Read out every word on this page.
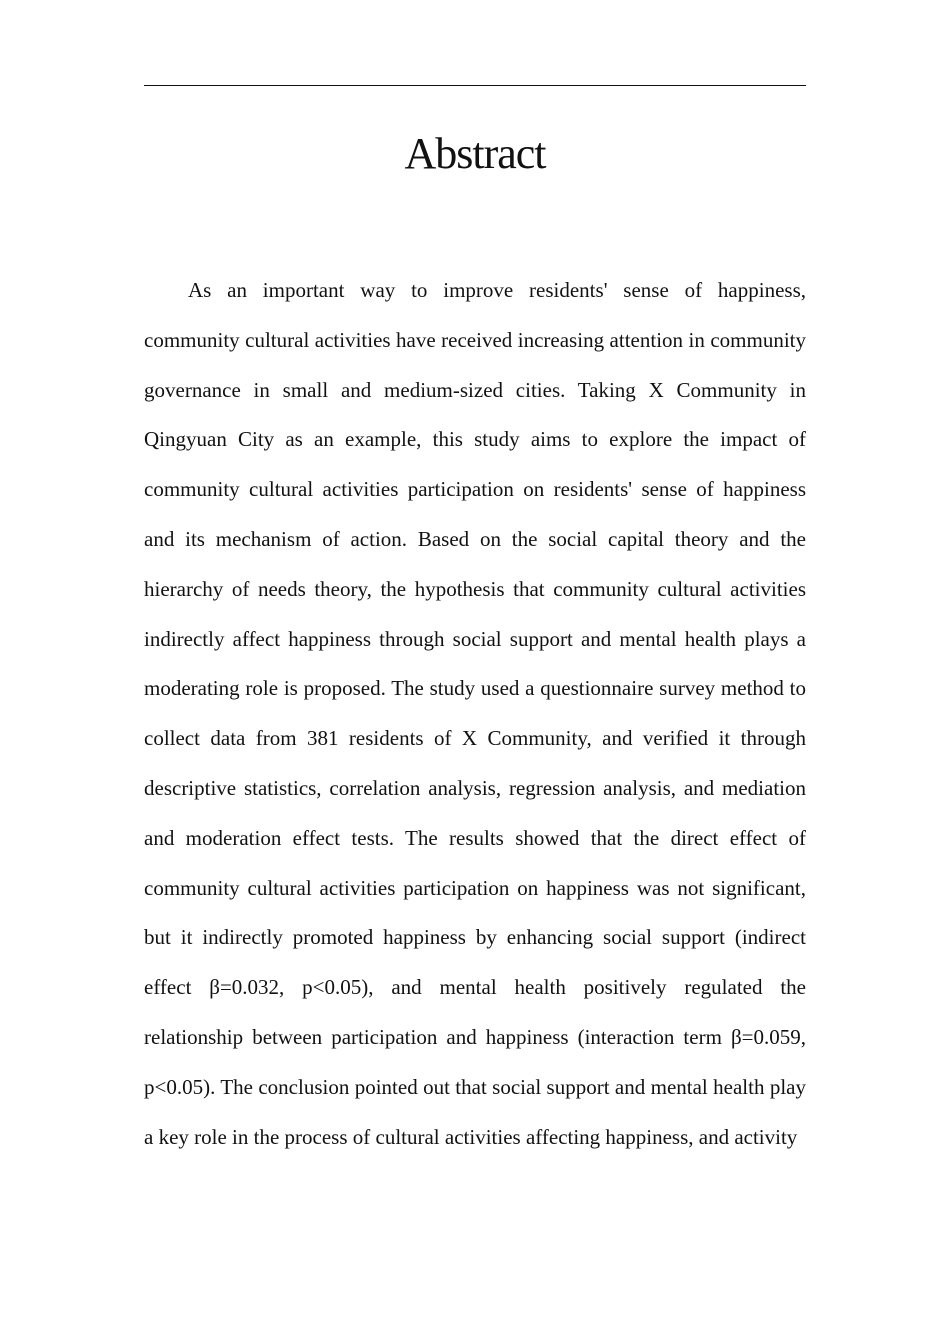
Abstract

As an important way to improve residents' sense of happiness, community cultural activities have received increasing attention in community governance in small and medium-sized cities. Taking X Community in Qingyuan City as an example, this study aims to explore the impact of community cultural activities participation on residents' sense of happiness and its mechanism of action. Based on the social capital theory and the hierarchy of needs theory, the hypothesis that community cultural activities indirectly affect happiness through social support and mental health plays a moderating role is proposed. The study used a questionnaire survey method to collect data from 381 residents of X Community, and verified it through descriptive statistics, correlation analysis, regression analysis, and mediation and moderation effect tests. The results showed that the direct effect of community cultural activities participation on happiness was not significant, but it indirectly promoted happiness by enhancing social support (indirect effect β=0.032, p<0.05), and mental health positively regulated the relationship between participation and happiness (interaction term β=0.059, p<0.05). The conclusion pointed out that social support and mental health play a key role in the process of cultural activities affecting happiness, and activity
